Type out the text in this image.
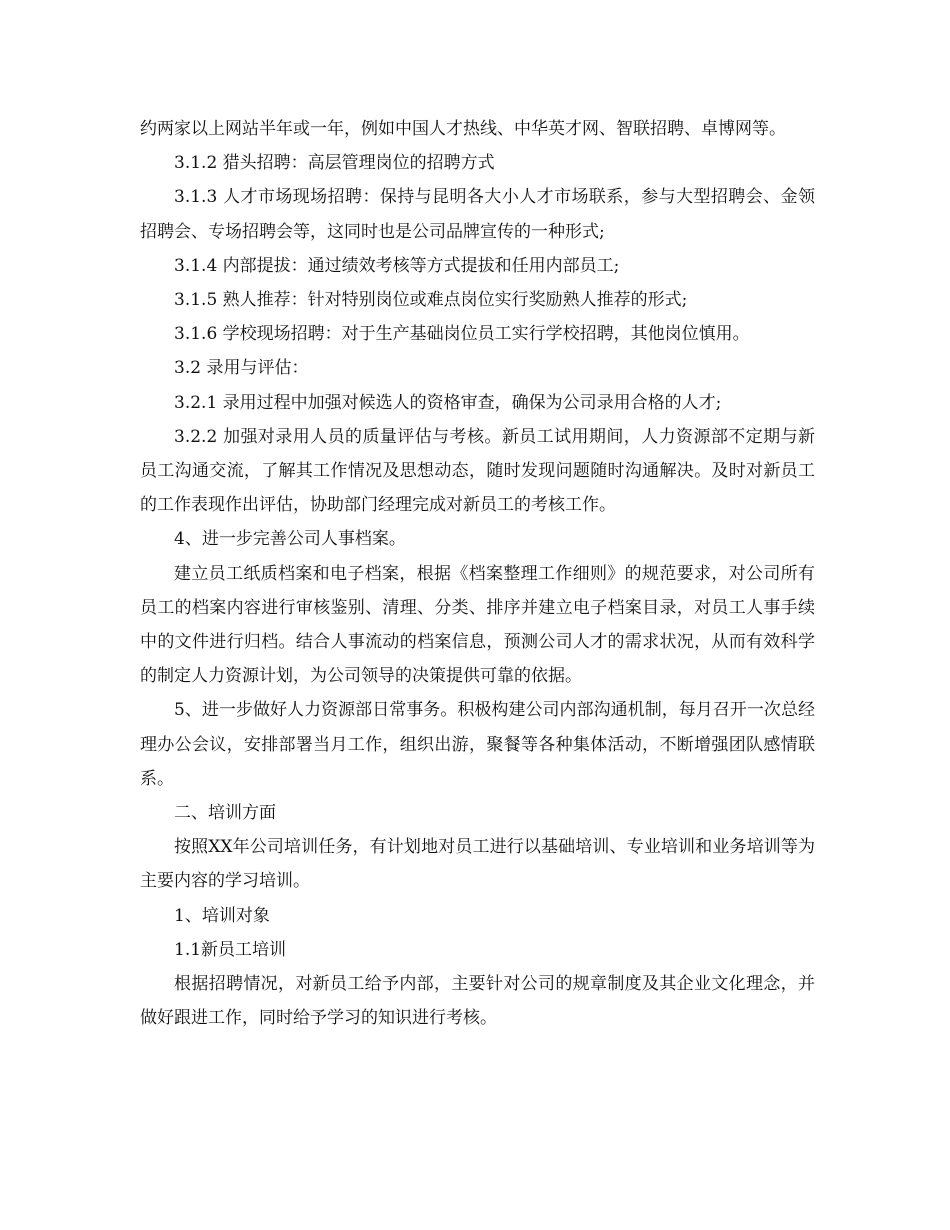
约两家以上网站半年或一年，例如中国人才热线、中华英才网、智联招聘、卓博网等。

3.1.2 猎头招聘：高层管理岗位的招聘方式

3.1.3 人才市场现场招聘：保持与昆明各大小人才市场联系，参与大型招聘会、金领招聘会、专场招聘会等，这同时也是公司品牌宣传的一种形式;

3.1.4 内部提拔：通过绩效考核等方式提拔和任用内部员工;

3.1.5 熟人推荐：针对特别岗位或难点岗位实行奖励熟人推荐的形式;

3.1.6 学校现场招聘：对于生产基础岗位员工实行学校招聘，其他岗位慎用。

3.2 录用与评估：

3.2.1 录用过程中加强对候选人的资格审查，确保为公司录用合格的人才;

3.2.2 加强对录用人员的质量评估与考核。新员工试用期间，人力资源部不定期与新员工沟通交流，了解其工作情况及思想动态，随时发现问题随时沟通解决。及时对新员工的工作表现作出评估，协助部门经理完成对新员工的考核工作。

4、进一步完善公司人事档案。

建立员工纸质档案和电子档案，根据《档案整理工作细则》的规范要求，对公司所有员工的档案内容进行审核鉴别、清理、分类、排序并建立电子档案目录，对员工人事手续中的文件进行归档。结合人事流动的档案信息，预测公司人才的需求状况，从而有效科学的制定人力资源计划，为公司领导的决策提供可靠的依据。

5、进一步做好人力资源部日常事务。积极构建公司内部沟通机制，每月召开一次总经理办公会议，安排部署当月工作，组织出游，聚餐等各种集体活动，不断增强团队感情联系。

二、培训方面

按照XX年公司培训任务，有计划地对员工进行以基础培训、专业培训和业务培训等为主要内容的学习培训。

1、培训对象

1.1新员工培训

根据招聘情况，对新员工给予内部，主要针对公司的规章制度及其企业文化理念，并做好跟进工作，同时给予学习的知识进行考核。
